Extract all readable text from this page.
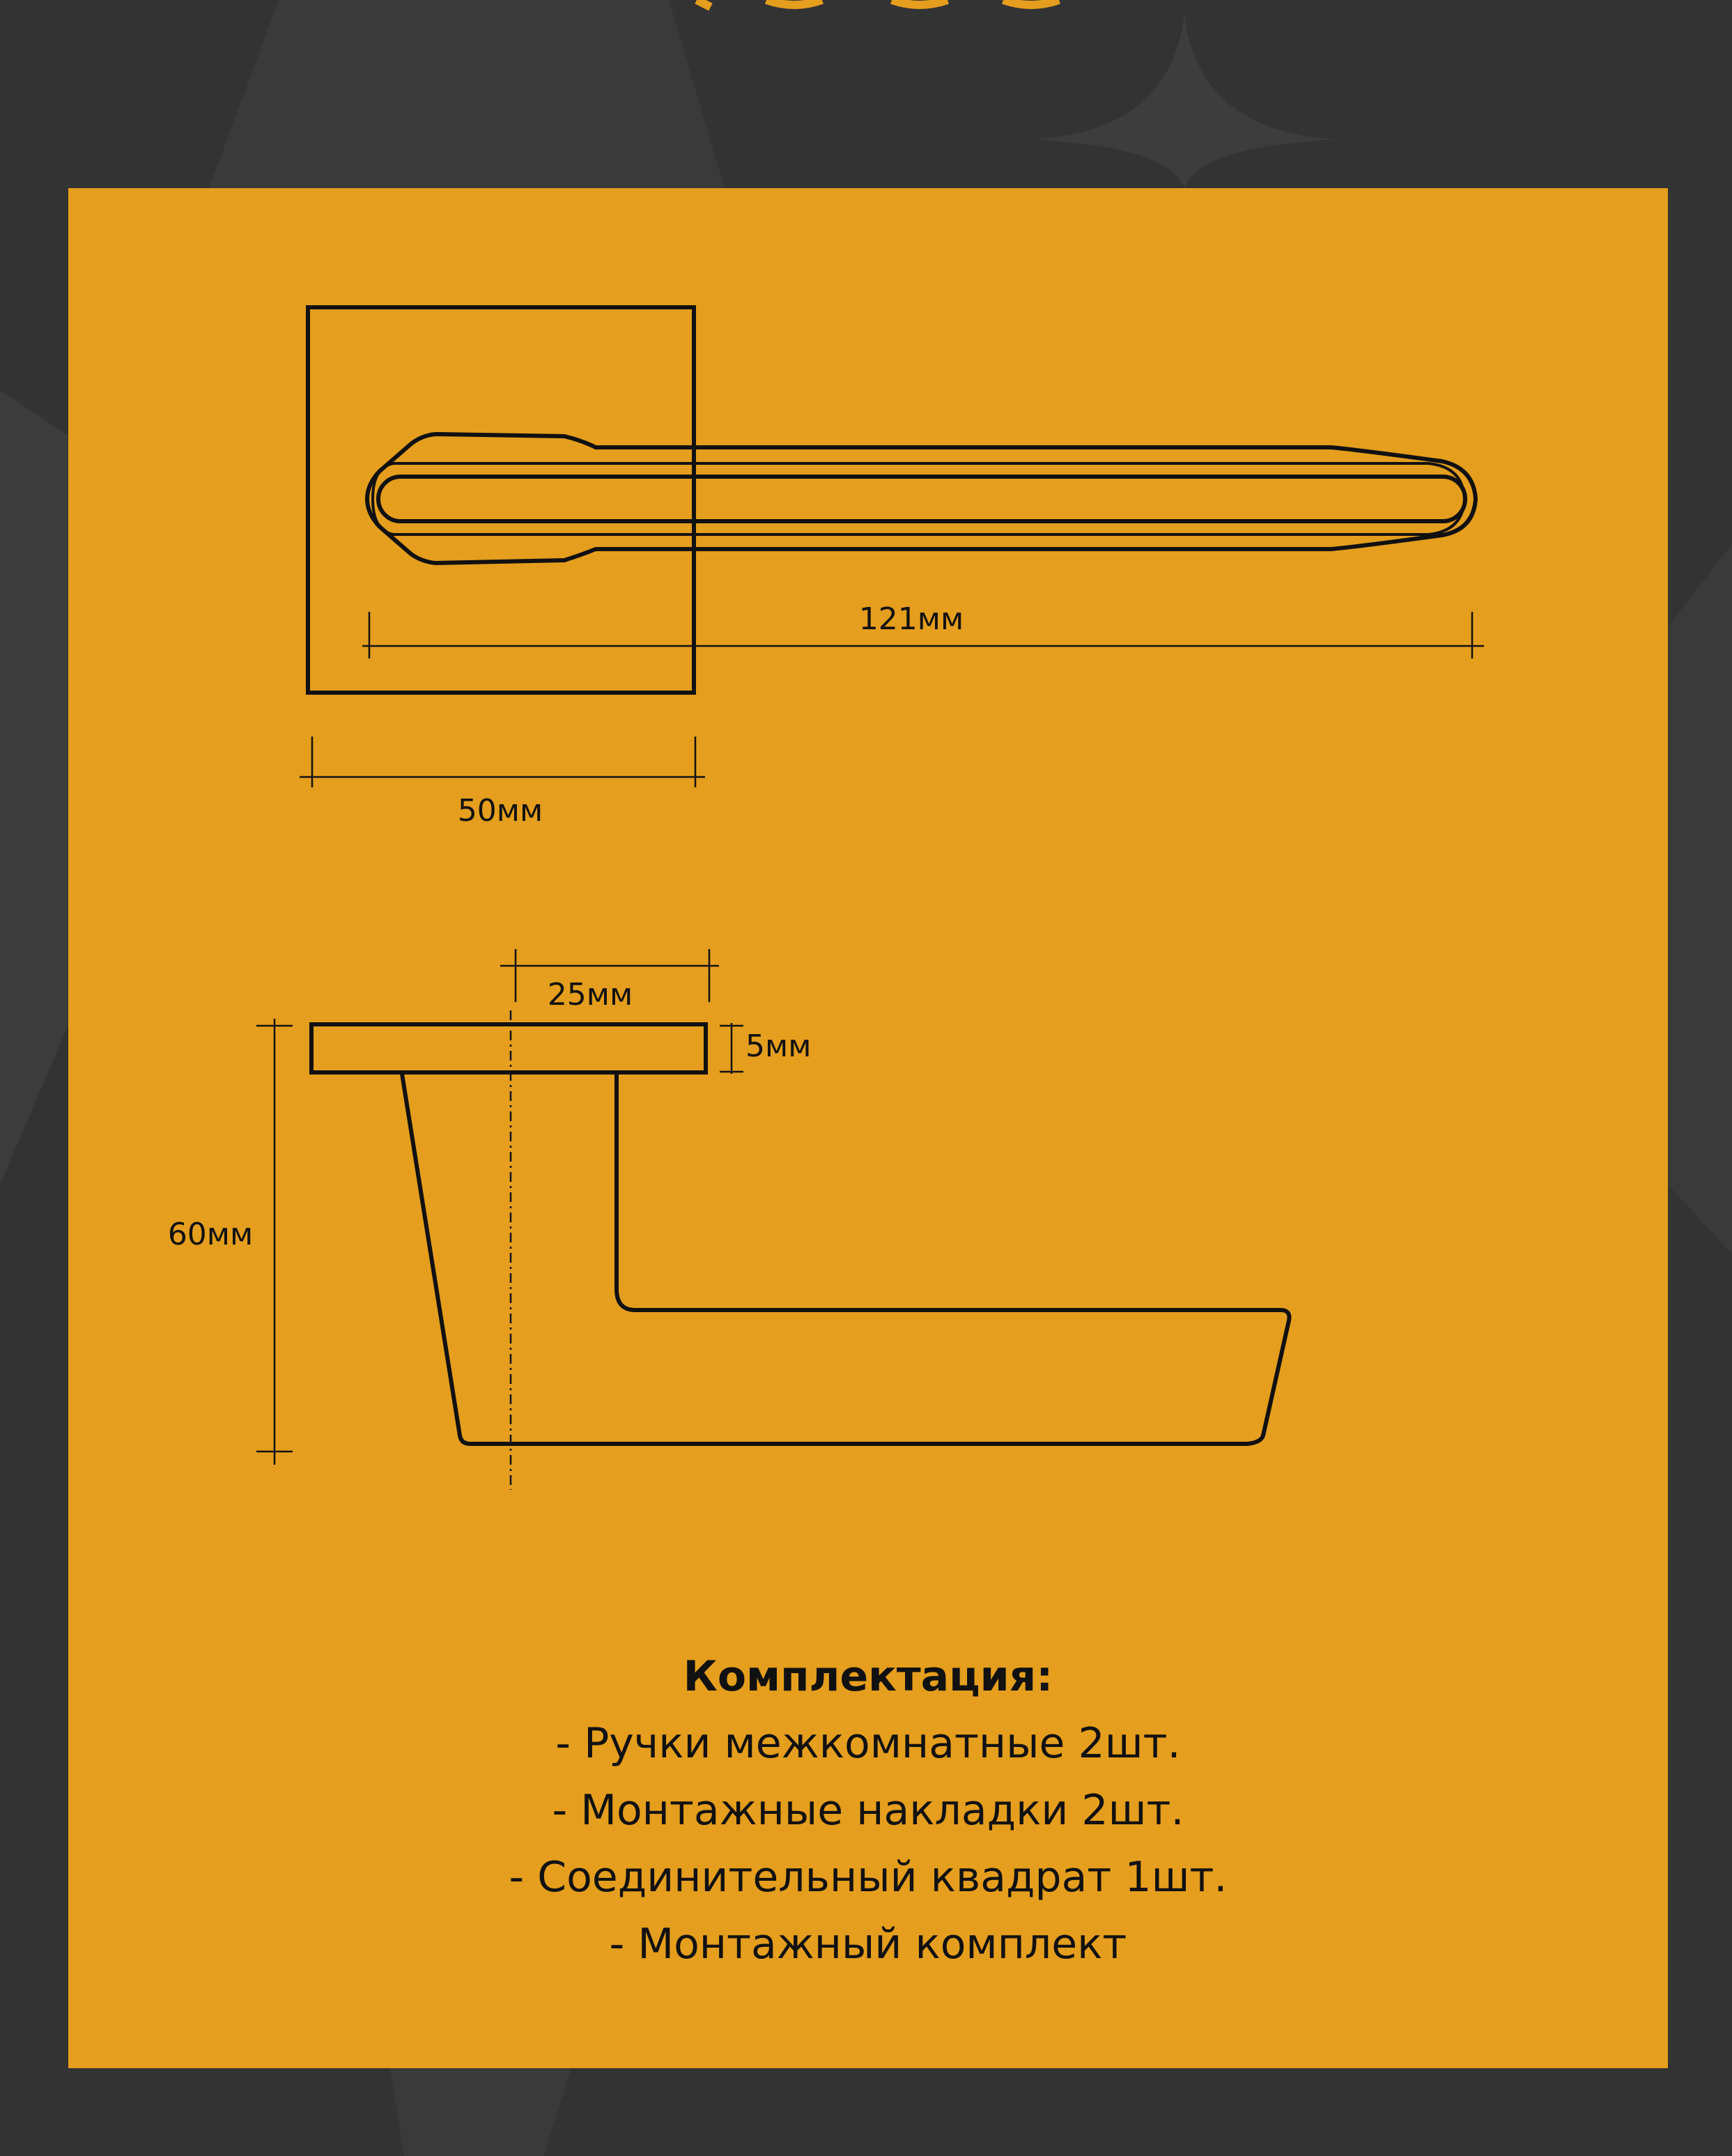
121мм
50мм
25мм
5мм
60мм

Комплектация:

- Ручки межкомнатные 2шт.

- Монтажные накладки 2шт.

- Соединительный квадрат 1шт.

- Монтажный комплект
